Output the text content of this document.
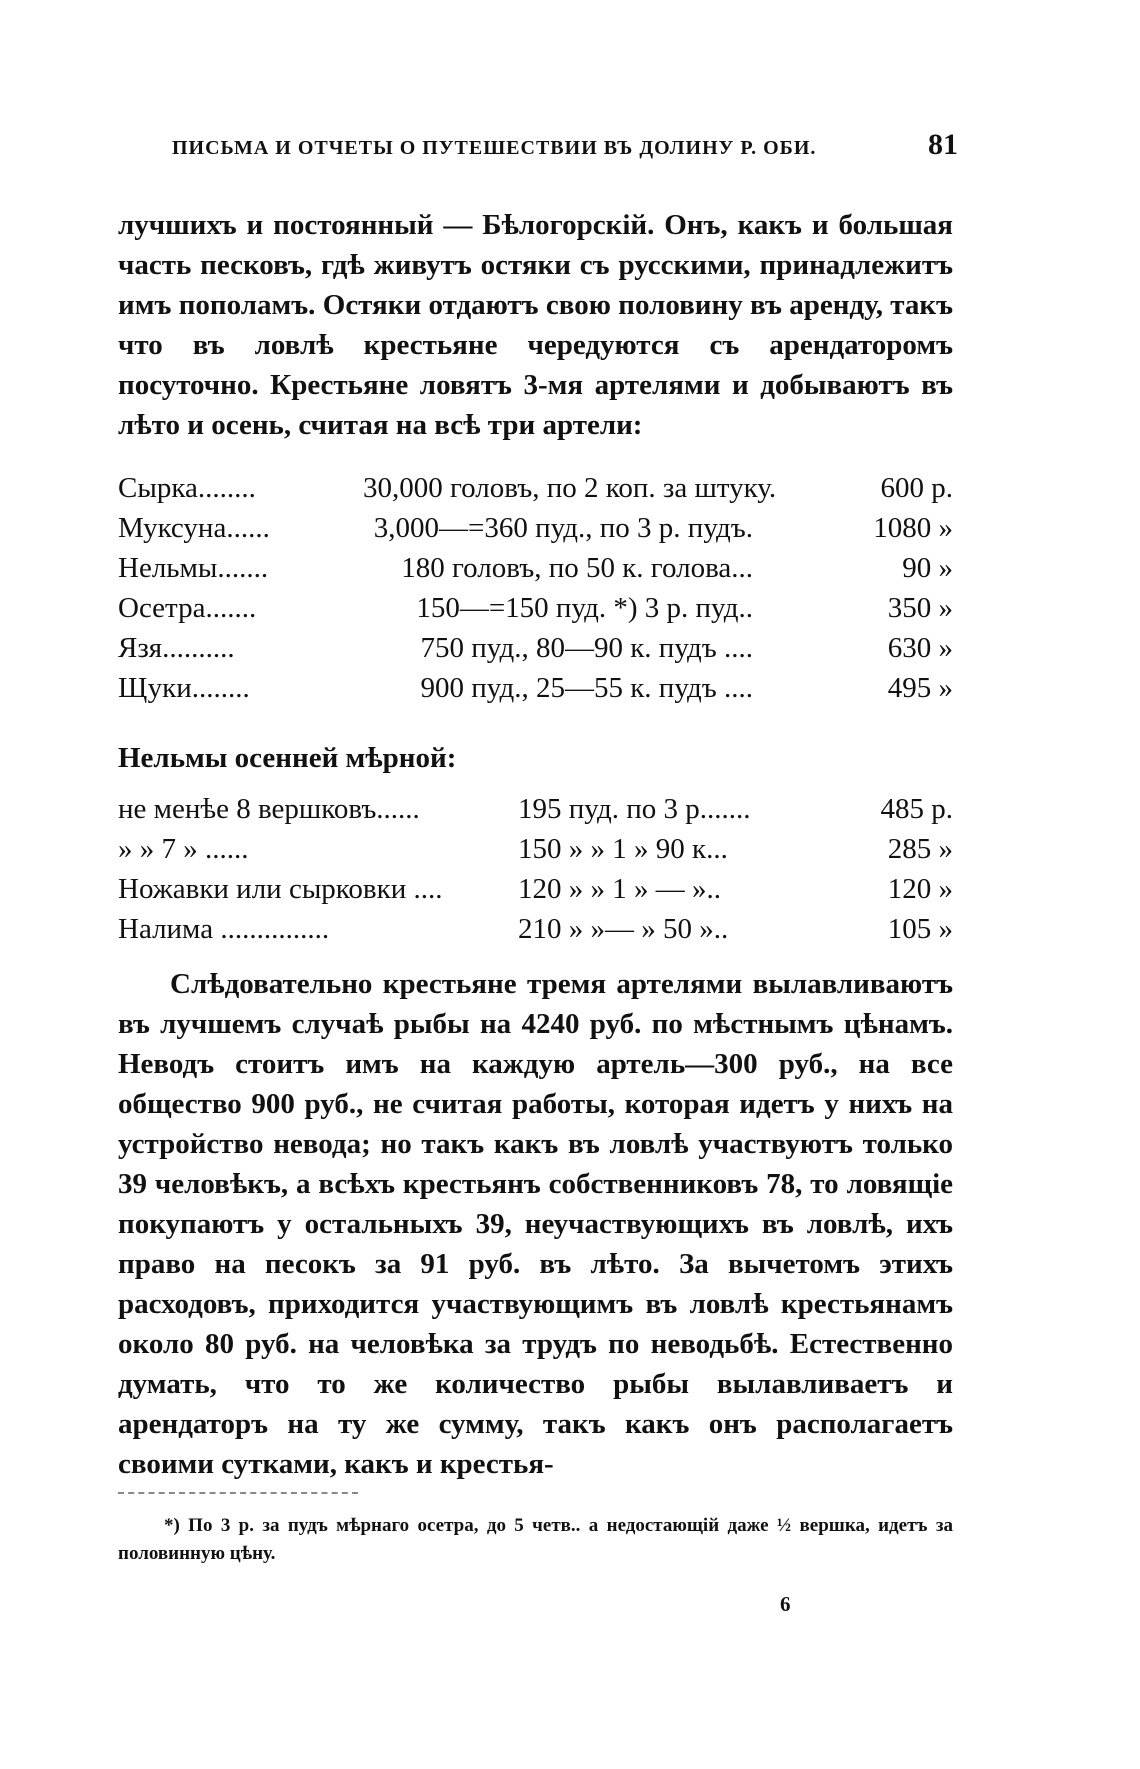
ПИСЬМА И ОТЧЕТЫ О ПУТЕШЕСТВИИ ВЪ ДОЛИНУ Р. ОБИ.	81
лучшихъ и постоянный — Бѣлогорскій. Онъ, какъ и большая часть песковъ, гдѣ живутъ остяки съ русскими, принадлежитъ имъ пополамъ. Остяки отдаютъ свою половину въ аренду, такъ что въ ловлѣ крестьяне чередуются съ арендаторомъ посуточно. Крестьяне ловятъ 3-мя артелями и добываютъ въ лѣто и осень, считая на всѣ три артели:
Сырка........	30,000 головъ, по 2 коп. за штуку.	600 р.
Муксуна......	3,000—=360 пуд., по 3 р. пудъ.	1080 »
Нельмы.......	180 головъ, по 50 к. голова...	90 »
Осетра.......	150—=150 пуд. *) 3 р. пуд..	350 »
Язя..........	750 пуд., 80—90 к. пудъ ....	630 »
Щуки........	900 пуд., 25—55 к. пудъ ....	495 »
Нельмы осенней мѣрной:
не менѣе 8 вершковъ......	195 пуд. по 3 р.......	485 р.
» » 7 » ......	150 » » 1 » 90 к...	285 »
Ножавки или сырковки ....	120 » » 1 » — »..	120 »
Налима ...............	210 » »— » 50 »..	105 »
Слѣдовательно крестьяне тремя артелями вылавливаютъ въ лучшемъ случаѣ рыбы на 4240 руб. по мѣстнымъ цѣнамъ. Неводъ стоитъ имъ на каждую артель—300 руб., на все общество 900 руб., не считая работы, которая идетъ у нихъ на устройство невода; но такъ какъ въ ловлѣ участвуютъ только 39 человѣкъ, а всѣхъ крестьянъ собственниковъ 78, то ловящіе покупаютъ у остальныхъ 39, неучаствующихъ въ ловлѣ, ихъ право на песокъ за 91 руб. въ лѣто. За вычетомъ этихъ расходовъ, приходится участвующимъ въ ловлѣ крестьянамъ около 80 руб. на человѣка за трудъ по неводьбѣ. Естественно думать, что то же количество рыбы вылавливаетъ и арендаторъ на ту же сумму, такъ какъ онъ располагаетъ своими сутками, какъ и крестья-
*) По 3 р. за пудъ мѣрнаго осетра, до 5 четв.. а недостающій даже ½ вершка, идетъ за половинную цѣну.
6
